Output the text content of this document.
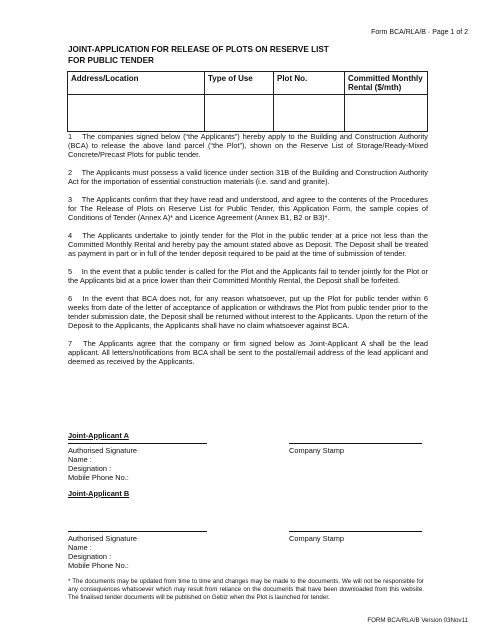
Form BCA/RLA/B · Page 1 of 2
JOINT-APPLICATION FOR RELEASE OF PLOTS ON RESERVE LIST
FOR PUBLIC TENDER
Address/Location	Type of Use	Plot No.	Committed Monthly Rental ($/mth)

1  The companies signed below (“the Applicants”) hereby apply to the Building and Construction Authority (BCA) to release the above land parcel (“the Plot”), shown on the Reserve List of Storage/Ready-Mixed Concrete/Precast Plots for public tender.

2  The Applicants must possess a valid licence under section 31B of the Building and Construction Authority Act for the importation of essential construction materials (i.e. sand and granite).

3  The Applicants confirm that they have read and understood, and agree to the contents of the Procedures for The Release of Plots on Reserve List for Public Tender, this Application Form, the sample copies of Conditions of Tender (Annex A)* and Licence Agreement (Annex B1, B2 or B3)*.

4  The Applicants undertake to jointly tender for the Plot in the public tender at a price not less than the Committed Monthly Rental and hereby pay the amount stated above as Deposit. The Deposit shall be treated as payment in part or in full of the tender deposit required to be paid at the time of submission of tender.

5  In the event that a public tender is called for the Plot and the Applicants fail to tender jointly for the Plot or the Applicants bid at a price lower than their Committed Monthly Rental, the Deposit shall be forfeited.

6  In the event that BCA does not, for any reason whatsoever, put up the Plot for public tender within 6 weeks from date of the letter of acceptance of application or withdraws the Plot from public tender prior to the tender submission date, the Deposit shall be returned without interest to the Applicants. Upon the return of the Deposit to the Applicants, the Applicants shall have no claim whatsoever against BCA.

7  The Applicants agree that the company or firm signed below as Joint-Applicant A shall be the lead applicant. All letters/notifications from BCA shall be sent to the postal/email address of the lead applicant and deemed as received by the Applicants.

Joint-Applicant A
Authorised Signature
Name :
Designation :
Mobile Phone No.:
Company Stamp
Joint-Applicant B
Authorised Signature
Name :
Designation :
Mobile Phone No.:
Company Stamp
* The documents may be updated from time to time and changes may be made to the documents. We will not be responsible for any consequences whatsoever which may result from reliance on the documents that have been downloaded from this website. The finalised tender documents will be published on Gebiz when the Plot is launched for tender.
FORM BCA/RLA/B Version 03Nov11
